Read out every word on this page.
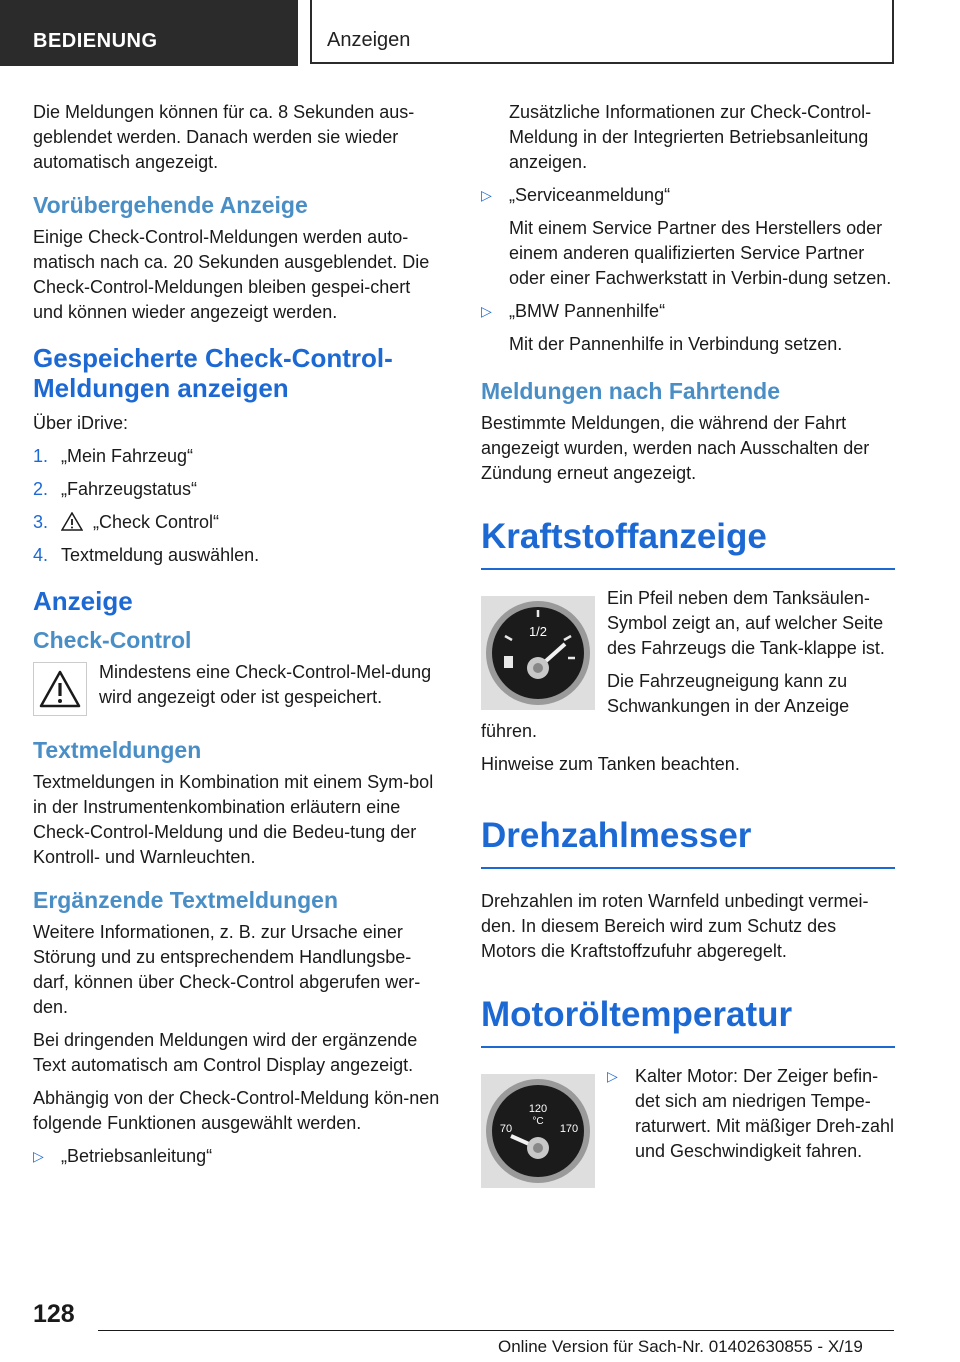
BEDIENUNG	Anzeigen

Die Meldungen können für ca. 8 Sekunden aus-geblendet werden. Danach werden sie wieder automatisch angezeigt.

Vorübergehende Anzeige

Einige Check-Control-Meldungen werden auto-matisch nach ca. 20 Sekunden ausgeblendet. Die Check-Control-Meldungen bleiben gespei-chert und können wieder angezeigt werden.

Gespeicherte Check-Control-Meldungen anzeigen

Über iDrive:

1. „Mein Fahrzeug“
2. „Fahrzeugstatus“
3. „Check Control“
4. Textmeldung auswählen.
Anzeige
Check-Control

Mindestens eine Check-Control-Mel-dung wird angezeigt oder ist gespeichert.

Textmeldungen

Textmeldungen in Kombination mit einem Sym-bol in der Instrumentenkombination erläutern eine Check-Control-Meldung und die Bedeu-tung der Kontroll- und Warnleuchten.

Ergänzende Textmeldungen

Weitere Informationen, z. B. zur Ursache einer Störung und zu entsprechendem Handlungsbe-darf, können über Check-Control abgerufen wer-den.

Bei dringenden Meldungen wird der ergänzende Text automatisch am Control Display angezeigt.

Abhängig von der Check-Control-Meldung kön-nen folgende Funktionen ausgewählt werden.

▷ „Betriebsanleitung“
Zusätzliche Informationen zur Check-Control-Meldung in der Integrierten Betriebsanleitung anzeigen.
▷ „Serviceanmeldung“
Mit einem Service Partner des Herstellers oder einem anderen qualifizierten Service Partner oder einer Fachwerkstatt in Verbin-dung setzen.
▷ „BMW Pannenhilfe“
Mit der Pannenhilfe in Verbindung setzen.
Meldungen nach Fahrtende

Bestimmte Meldungen, die während der Fahrt angezeigt wurden, werden nach Ausschalten der Zündung erneut angezeigt.

Kraftstoffanzeige
1/2

Ein Pfeil neben dem Tanksäulen-Symbol zeigt an, auf welcher Seite des Fahrzeugs die Tank-klappe ist.

Die Fahrzeugneigung kann zu Schwankungen in der Anzeige führen.

Hinweise zum Tanken beachten.

Drehzahlmesser

Drehzahlen im roten Warnfeld unbedingt vermei-den. In diesem Bereich wird zum Schutz des Motors die Kraftstoffzufuhr abgeregelt.

Motoröltemperatur
120
°C
70	170
▷ Kalter Motor: Der Zeiger befin-det sich am niedrigen Tempe-raturwert. Mit mäßiger Dreh-zahl und Geschwindigkeit fahren.
128
Online Version für Sach-Nr. 01402630855 - X/19
